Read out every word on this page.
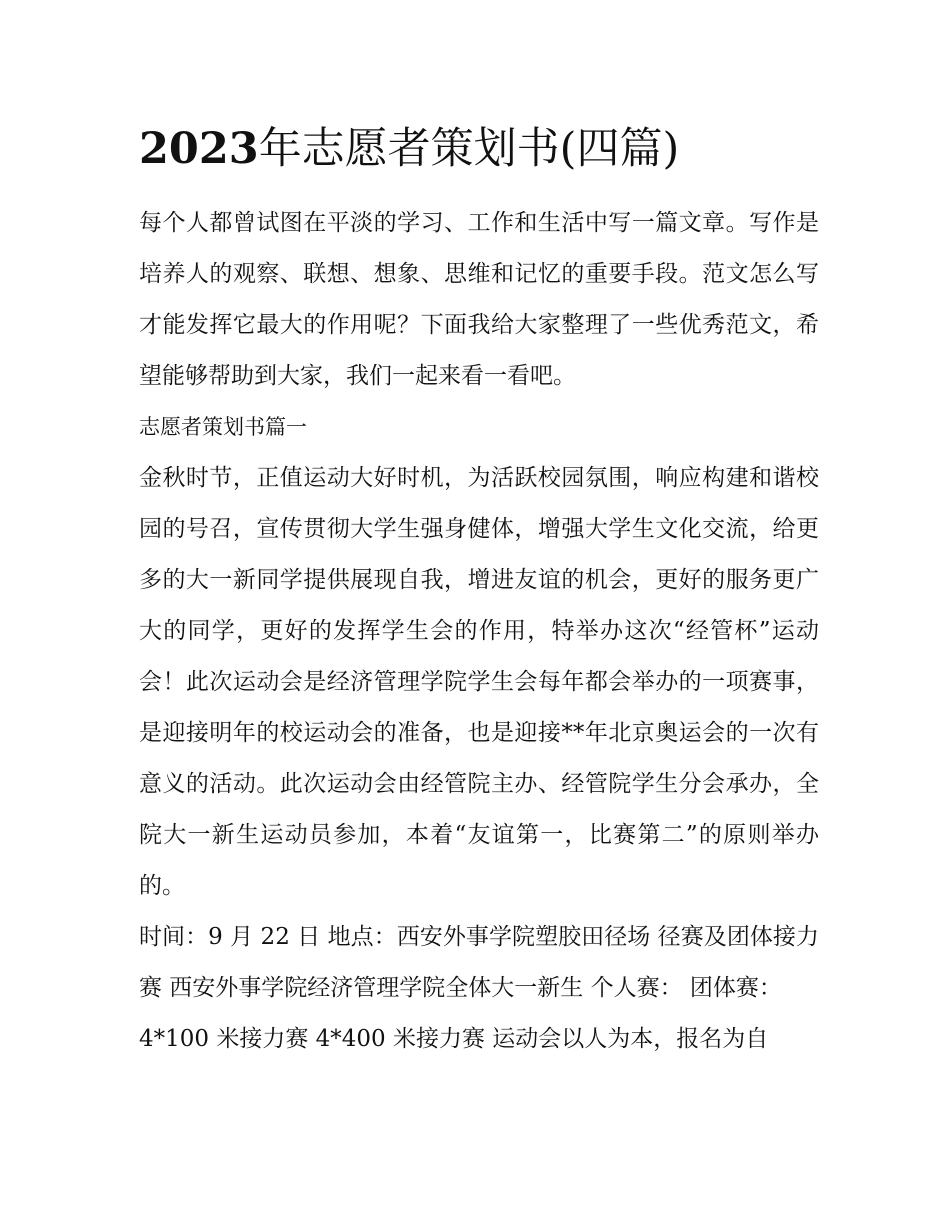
2023年志愿者策划书(四篇)

每个人都曾试图在平淡的学习、工作和生活中写一篇文章。写作是培养人的观察、联想、想象、思维和记忆的重要手段。范文怎么写才能发挥它最大的作用呢？下面我给大家整理了一些优秀范文，希望能够帮助到大家，我们一起来看一看吧。

志愿者策划书篇一

金秋时节，正值运动大好时机，为活跃校园氛围，响应构建和谐校园的号召，宣传贯彻大学生强身健体，增强大学生文化交流，给更多的大一新同学提供展现自我，增进友谊的机会，更好的服务更广大的同学，更好的发挥学生会的作用，特举办这次“经管杯”运动会！此次运动会是经济管理学院学生会每年都会举办的一项赛事，是迎接明年的校运动会的准备，也是迎接**年北京奥运会的一次有意义的活动。此次运动会由经管院主办、经管院学生分会承办，全院大一新生运动员参加，本着“友谊第一，比赛第二”的原则举办的。

时间：9 月 22 日 地点：西安外事学院塑胶田径场 径赛及团体接力赛 西安外事学院经济管理学院全体大一新生 个人赛： 团体赛：

4*100 米接力赛 4*400 米接力赛 运动会以人为本，报名为自
